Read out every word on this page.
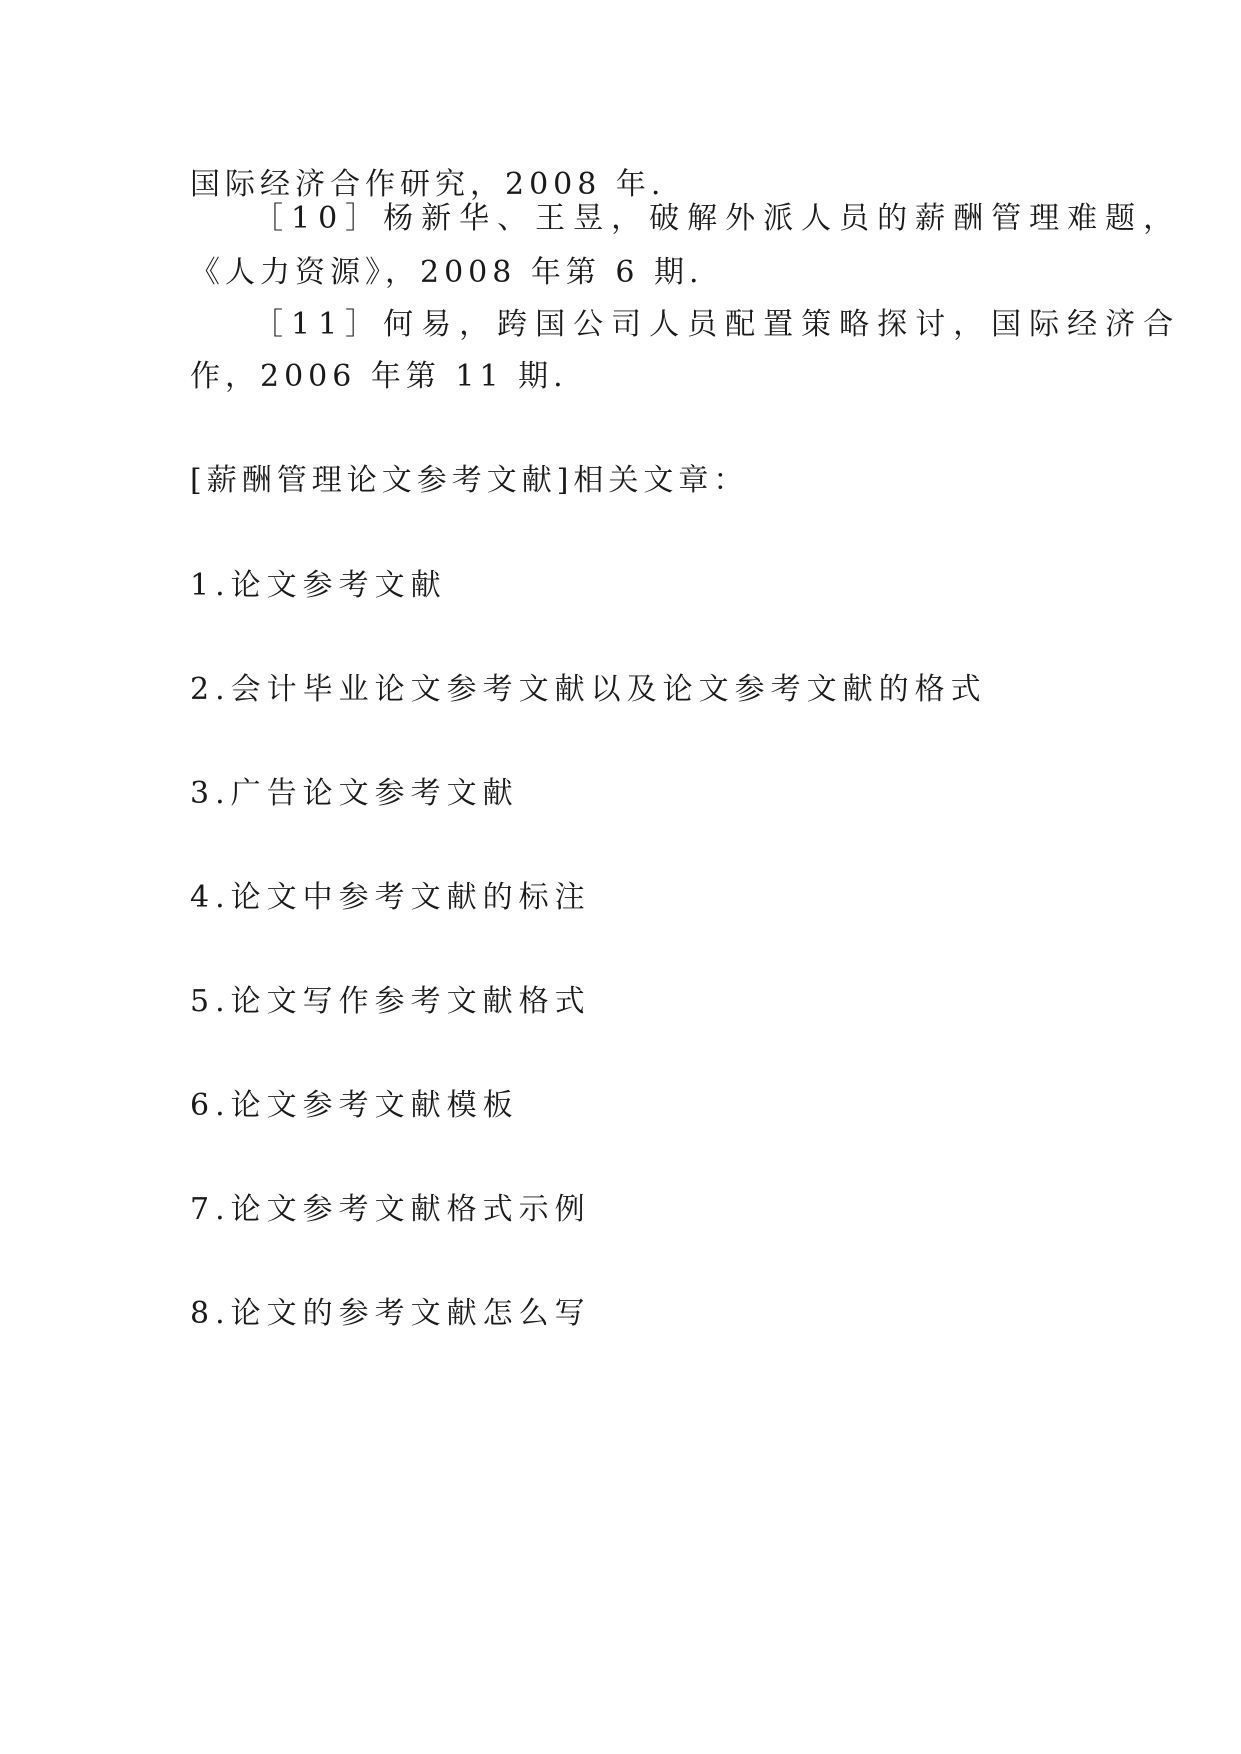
国际经济合作研究，2008 年.
［10］杨新华、王昱，破解外派人员的薪酬管理难题，
《人力资源》，2008 年第 6 期.
［11］何易，跨国公司人员配置策略探讨，国际经济合
作，2006 年第 11 期.
[薪酬管理论文参考文献]相关文章：
1.论文参考文献
2.会计毕业论文参考文献以及论文参考文献的格式
3.广告论文参考文献
4.论文中参考文献的标注
5.论文写作参考文献格式
6.论文参考文献模板
7.论文参考文献格式示例
8.论文的参考文献怎么写
